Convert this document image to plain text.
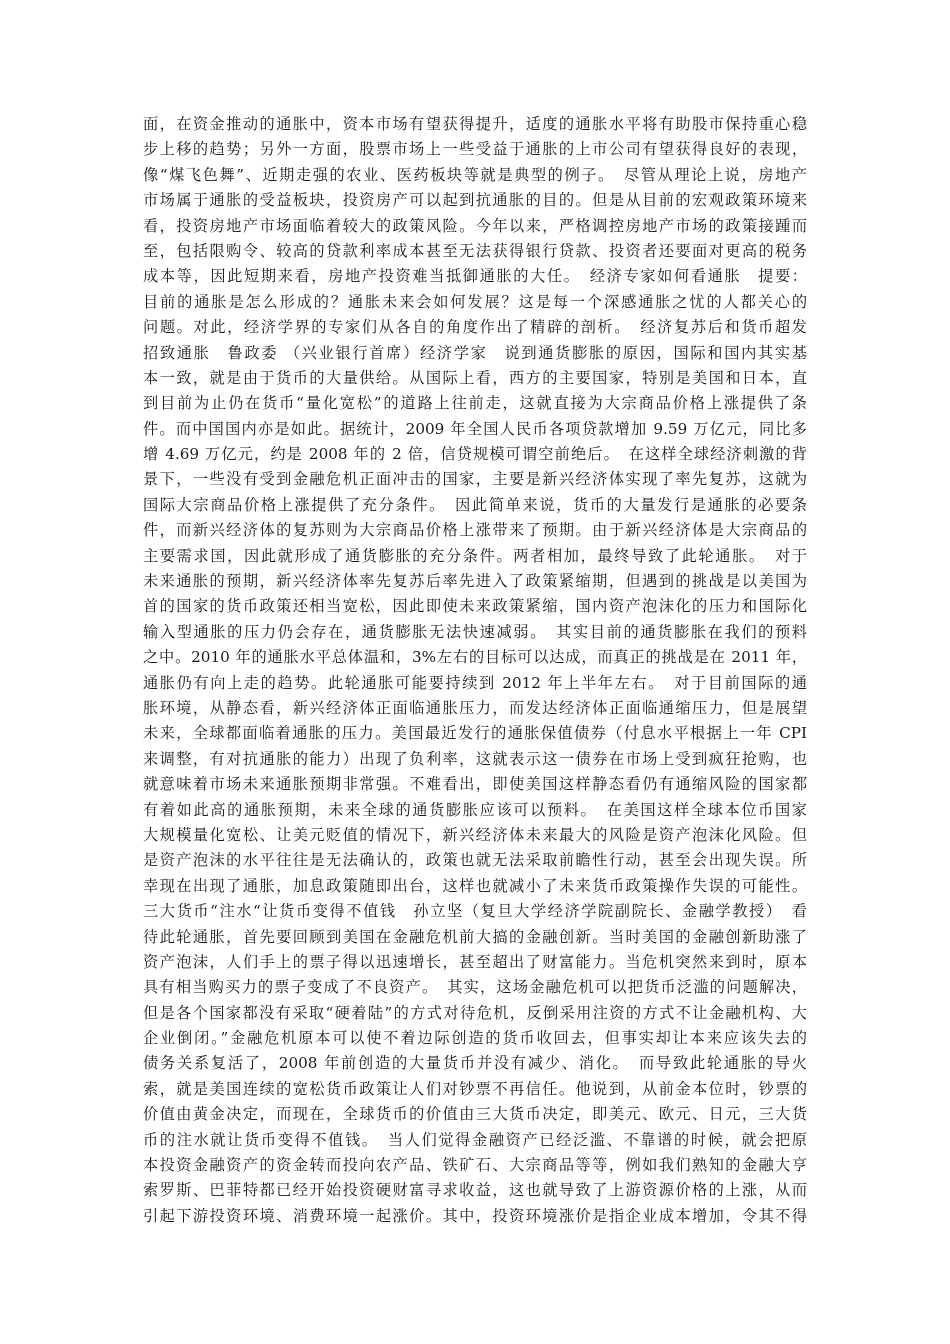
面，在资金推动的通胀中，资本市场有望获得提升，适度的通胀水平将有助股市保持重心稳
步上移的趋势；另外一方面，股票市场上一些受益于通胀的上市公司有望获得良好的表现，
像“煤飞色舞”、近期走强的农业、医药板块等就是典型的例子。　尽管从理论上说，房地产
市场属于通胀的受益板块，投资房产可以起到抗通胀的目的。但是从目前的宏观政策环境来
看，投资房地产市场面临着较大的政策风险。今年以来，严格调控房地产市场的政策接踵而
至，包括限购令、较高的贷款利率成本甚至无法获得银行贷款、投资者还要面对更高的税务
成本等，因此短期来看，房地产投资难当抵御通胀的大任。　经济专家如何看通胀　提要：
目前的通胀是怎么形成的？通胀未来会如何发展？这是每一个深感通胀之忧的人都关心的
问题。对此，经济学界的专家们从各自的角度作出了精辟的剖析。　经济复苏后和货币超发
招致通胀　鲁政委 （兴业银行首席）经济学家　说到通货膨胀的原因，国际和国内其实基
本一致，就是由于货币的大量供给。从国际上看，西方的主要国家，特别是美国和日本，直
到目前为止仍在货币“量化宽松”的道路上往前走，这就直接为大宗商品价格上涨提供了条
件。而中国国内亦是如此。据统计，2009 年全国人民币各项贷款增加 9.59 万亿元，同比多
增 4.69 万亿元，约是 2008 年的 2 倍，信贷规模可谓空前绝后。　在这样全球经济刺激的背
景下，一些没有受到金融危机正面冲击的国家，主要是新兴经济体实现了率先复苏，这就为
国际大宗商品价格上涨提供了充分条件。　因此简单来说，货币的大量发行是通胀的必要条
件，而新兴经济体的复苏则为大宗商品价格上涨带来了预期。由于新兴经济体是大宗商品的
主要需求国，因此就形成了通货膨胀的充分条件。两者相加，最终导致了此轮通胀。　对于
未来通胀的预期，新兴经济体率先复苏后率先进入了政策紧缩期，但遇到的挑战是以美国为
首的国家的货币政策还相当宽松，因此即使未来政策紧缩，国内资产泡沫化的压力和国际化
输入型通胀的压力仍会存在，通货膨胀无法快速减弱。　其实目前的通货膨胀在我们的预料
之中。2010 年的通胀水平总体温和，3%左右的目标可以达成，而真正的挑战是在 2011 年，
通胀仍有向上走的趋势。此轮通胀可能要持续到 2012 年上半年左右。　对于目前国际的通
胀环境，从静态看，新兴经济体正面临通胀压力，而发达经济体正面临通缩压力，但是展望
未来，全球都面临着通胀的压力。美国最近发行的通胀保值债券（付息水平根据上一年 CPI
来调整，有对抗通胀的能力）出现了负利率，这就表示这一债券在市场上受到疯狂抢购，也
就意味着市场未来通胀预期非常强。不难看出，即使美国这样静态看仍有通缩风险的国家都
有着如此高的通胀预期，未来全球的通货膨胀应该可以预料。　在美国这样全球本位币国家
大规模量化宽松、让美元贬值的情况下，新兴经济体未来最大的风险是资产泡沫化风险。但
是资产泡沫的水平往往是无法确认的，政策也就无法采取前瞻性行动，甚至会出现失误。所
幸现在出现了通胀，加息政策随即出台，这样也就减小了未来货币政策操作失误的可能性。
三大货币“注水“让货币变得不值钱　孙立坚（复旦大学经济学院副院长、金融学教授）　看
待此轮通胀，首先要回顾到美国在金融危机前大搞的金融创新。当时美国的金融创新助涨了
资产泡沫，人们手上的票子得以迅速增长，甚至超出了财富能力。当危机突然来到时，原本
具有相当购买力的票子变成了不良资产。　其实，这场金融危机可以把货币泛滥的问题解决，
但是各个国家都没有采取“硬着陆”的方式对待危机，反倒采用注资的方式不让金融机构、大
企业倒闭。”金融危机原本可以使不着边际创造的货币收回去，但事实却让本来应该失去的
债务关系复活了，2008 年前创造的大量货币并没有减少、消化。　而导致此轮通胀的导火
索，就是美国连续的宽松货币政策让人们对钞票不再信任。他说到，从前金本位时，钞票的
价值由黄金决定，而现在，全球货币的价值由三大货币决定，即美元、欧元、日元，三大货
币的注水就让货币变得不值钱。　当人们觉得金融资产已经泛滥、不靠谱的时候，就会把原
本投资金融资产的资金转而投向农产品、铁矿石、大宗商品等等，例如我们熟知的金融大亨
索罗斯、巴菲特都已经开始投资硬财富寻求收益，这也就导致了上游资源价格的上涨，从而
引起下游投资环境、消费环境一起涨价。其中，投资环境涨价是指企业成本增加，令其不得
